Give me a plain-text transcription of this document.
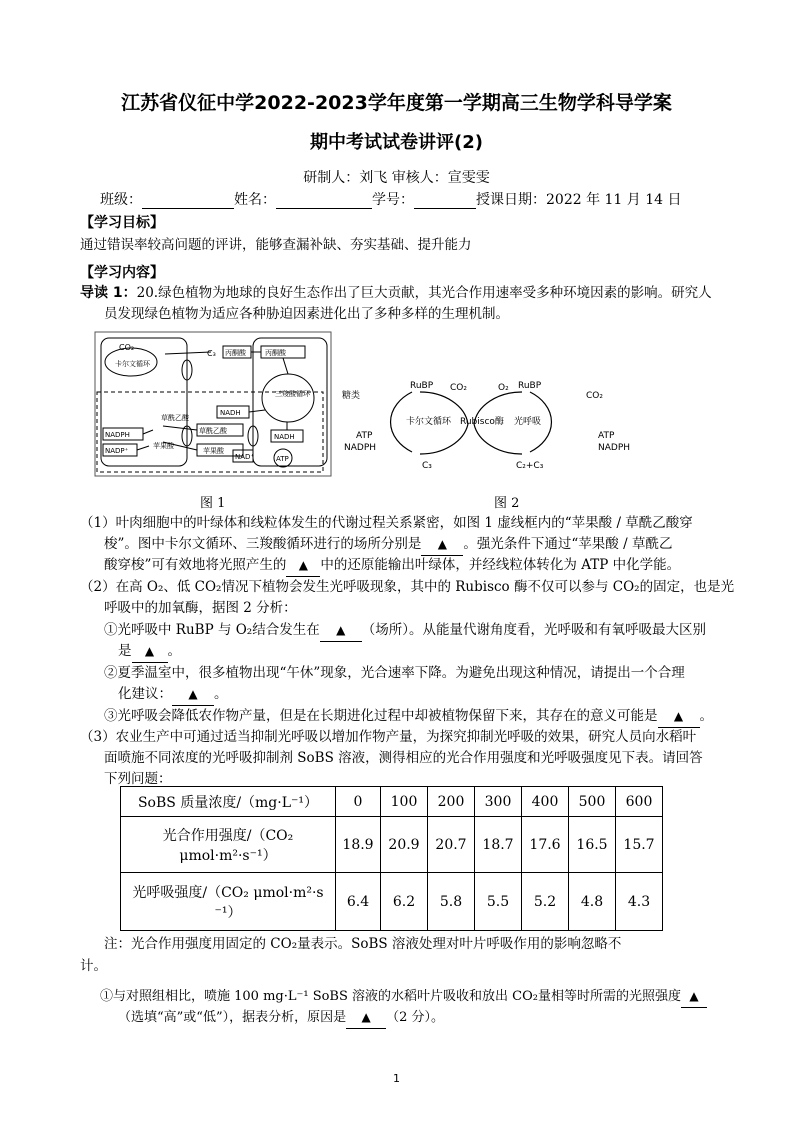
江苏省仪征中学2022-2023学年度第一学期高三生物学科导学案
期中考试试卷讲评(2)
研制人：刘飞 审核人：宣雯雯
班级：	姓名：	学号：	授课日期：2022 年 11 月 14 日
【学习目标】
通过错误率较高问题的评讲，能够查漏补缺、夯实基础、提升能力
【学习内容】
导读 1：20.绿色植物为地球的良好生态作出了巨大贡献，其光合作用速率受多种环境因素的影响。研究人
员发现绿色植物为适应各种胁迫因素进化出了多种多样的生理机制。
CO₂
卡尔文循环
C₃ 丙酮酸	丙酮酸
三羧酸循环
草酰乙酸
草酰乙酸
NADH
NADH
NADPH
NADP⁺
苹果酸
苹果酸
NAD⁺	ATP
图 1
糖类
RuBP CO₂	O₂ RuBP
CO₂
卡尔文循环 Rubisco酶 光呼吸
ATP
NADPH
C₃	C₂+C₃
ATP
NADPH
图 2
（1）叶肉细胞中的叶绿体和线粒体发生的代谢过程关系紧密，如图 1 虚线框内的“苹果酸 / 草酰乙酸穿
梭”。图中卡尔文循环、三羧酸循环进行的场所分别是 ▲ 。强光条件下通过“苹果酸 / 草酰乙
酸穿梭”可有效地将光照产生的 ▲ 中的还原能输出叶绿体，并经线粒体转化为 ATP 中化学能。
（2）在高 O₂、低 CO₂情况下植物会发生光呼吸现象，其中的 Rubisco 酶不仅可以参与 CO₂的固定，也是光
呼吸中的加氧酶，据图 2 分析：
①光呼吸中 RuBP 与 O₂结合发生在 ▲ （场所）。从能量代谢角度看，光呼吸和有氧呼吸最大区别
是 ▲ 。
②夏季温室中，很多植物出现“午休”现象，光合速率下降。为避免出现这种情况，请提出一个合理
化建议： ▲ 。
③光呼吸会降低农作物产量，但是在长期进化过程中却被植物保留下来，其存在的意义可能是 ▲ 。
（3）农业生产中可通过适当抑制光呼吸以增加作物产量，为探究抑制光呼吸的效果，研究人员向水稻叶
面喷施不同浓度的光呼吸抑制剂 SoBS 溶液，测得相应的光合作用强度和光呼吸强度见下表。请回答
下列问题：
SoBS 质量浓度/（mg·L⁻¹）	0	100	200	300	400	500	600
光合作用强度/（CO₂
μmol·m²·s⁻¹）	18.9	20.9	20.7	18.7	17.6	16.5	15.7
光呼吸强度/（CO₂ μmol·m²·s
⁻¹）	6.4	6.2	5.8	5.5	5.2	4.8	4.3
注：光合作用强度用固定的 CO₂量表示。SoBS 溶液处理对叶片呼吸作用的影响忽略不
计。
①与对照组相比，喷施 100 mg·L⁻¹ SoBS 溶液的水稻叶片吸收和放出 CO₂量相等时所需的光照强度 ▲
（选填“高”或“低”），据表分析，原因是 ▲ （2 分）。
1
